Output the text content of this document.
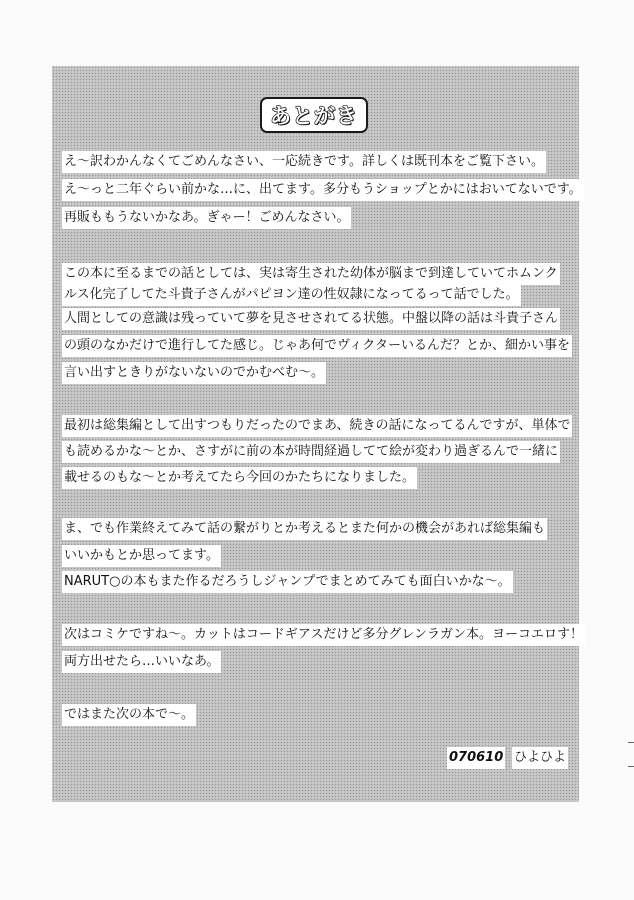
あとがき
え～訳わかんなくてごめんなさい、一応続きです。詳しくは既刊本をご覧下さい。
え～っと二年ぐらい前かな…に、出てます。多分もうショップとかにはおいてないです。
再販ももうないかなあ。ぎゃー！ごめんなさい。
この本に至るまでの話としては、実は寄生された幼体が脳まで到達していてホムンク
ルス化完了してた斗貴子さんがパピヨン達の性奴隷になってるって話でした。
人間としての意識は残っていて夢を見させされてる状態。中盤以降の話は斗貴子さん
の頭のなかだけで進行してた感じ。じゃあ何でヴィクターいるんだ？とか、細かい事を
言い出すときりがないないのでかむべむ～。
最初は総集編として出すつもりだったのでまあ、続きの話になってるんですが、単体で
も読めるかな～とか、さすがに前の本が時間経過してて絵が変わり過ぎるんで一緒に
載せるのもな～とか考えてたら今回のかたちになりました。
ま、でも作業終えてみて話の繋がりとか考えるとまた何かの機会があれば総集編も
いいかもとか思ってます。
NARUT○の本もまた作るだろうしジャンプでまとめてみても面白いかな～。
次はコミケですね～。カットはコードギアスだけど多分グレンラガン本。ヨーコエロす！
両方出せたら…いいなあ。
ではまた次の本で～。
070610 ひよひよ
